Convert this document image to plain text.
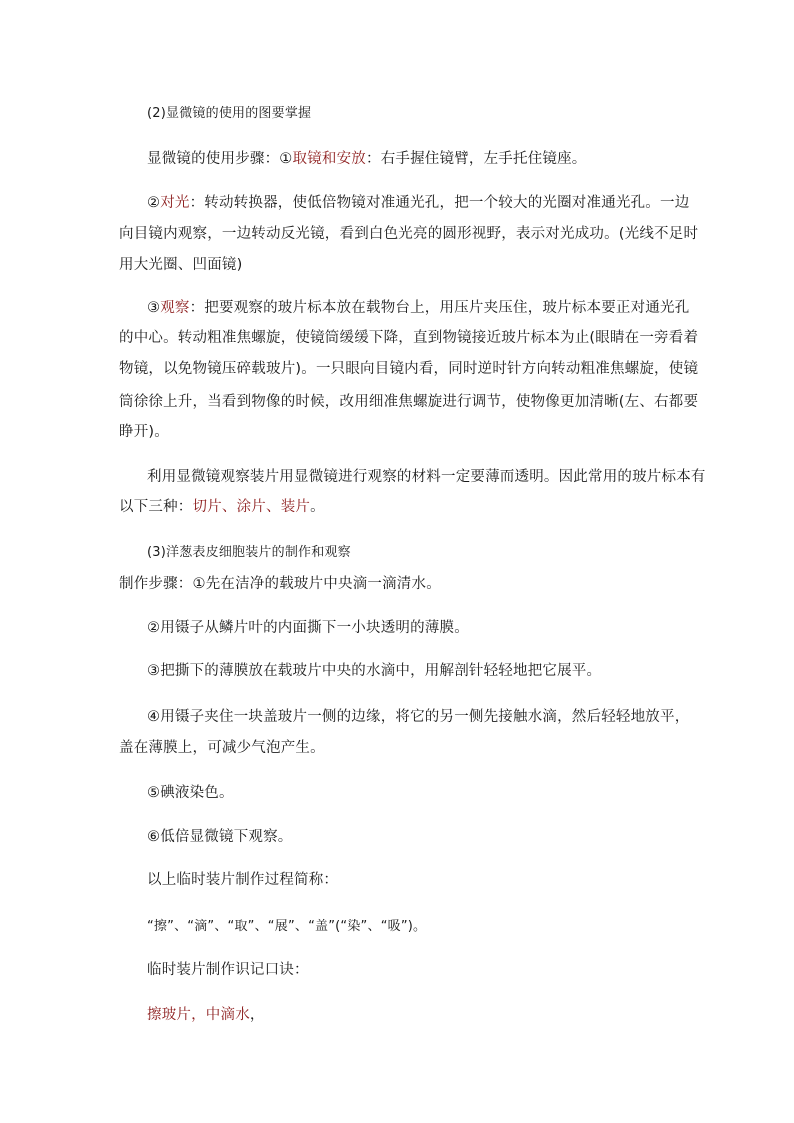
(2)显微镜的使用的图要掌握
显微镜的使用步骤：①取镜和安放：右手握住镜臂，左手托住镜座。
②对光：转动转换器，使低倍物镜对准通光孔，把一个较大的光圈对准通光孔。一边
向目镜内观察，一边转动反光镜，看到白色光亮的圆形视野，表示对光成功。(光线不足时
用大光圈、凹面镜)
③观察：把要观察的玻片标本放在载物台上，用压片夹压住，玻片标本要正对通光孔
的中心。转动粗准焦螺旋，使镜筒缓缓下降，直到物镜接近玻片标本为止(眼睛在一旁看着
物镜，以免物镜压碎载玻片)。一只眼向目镜内看，同时逆时针方向转动粗准焦螺旋，使镜
筒徐徐上升，当看到物像的时候，改用细准焦螺旋进行调节，使物像更加清晰(左、右都要
睁开)。
利用显微镜观察装片用显微镜进行观察的材料一定要薄而透明。因此常用的玻片标本有
以下三种：切片、涂片、装片。
(3)洋葱表皮细胞装片的制作和观察
制作步骤：①先在洁净的载玻片中央滴一滴清水。
②用镊子从鳞片叶的内面撕下一小块透明的薄膜。
③把撕下的薄膜放在载玻片中央的水滴中，用解剖针轻轻地把它展平。
④用镊子夹住一块盖玻片一侧的边缘，将它的另一侧先接触水滴，然后轻轻地放平，
盖在薄膜上，可减少气泡产生。
⑤碘液染色。
⑥低倍显微镜下观察。
以上临时装片制作过程简称：
“擦”、“滴”、“取”、“展”、“盖”(“染”、“吸”)。
临时装片制作识记口诀：
擦玻片，中滴水，
